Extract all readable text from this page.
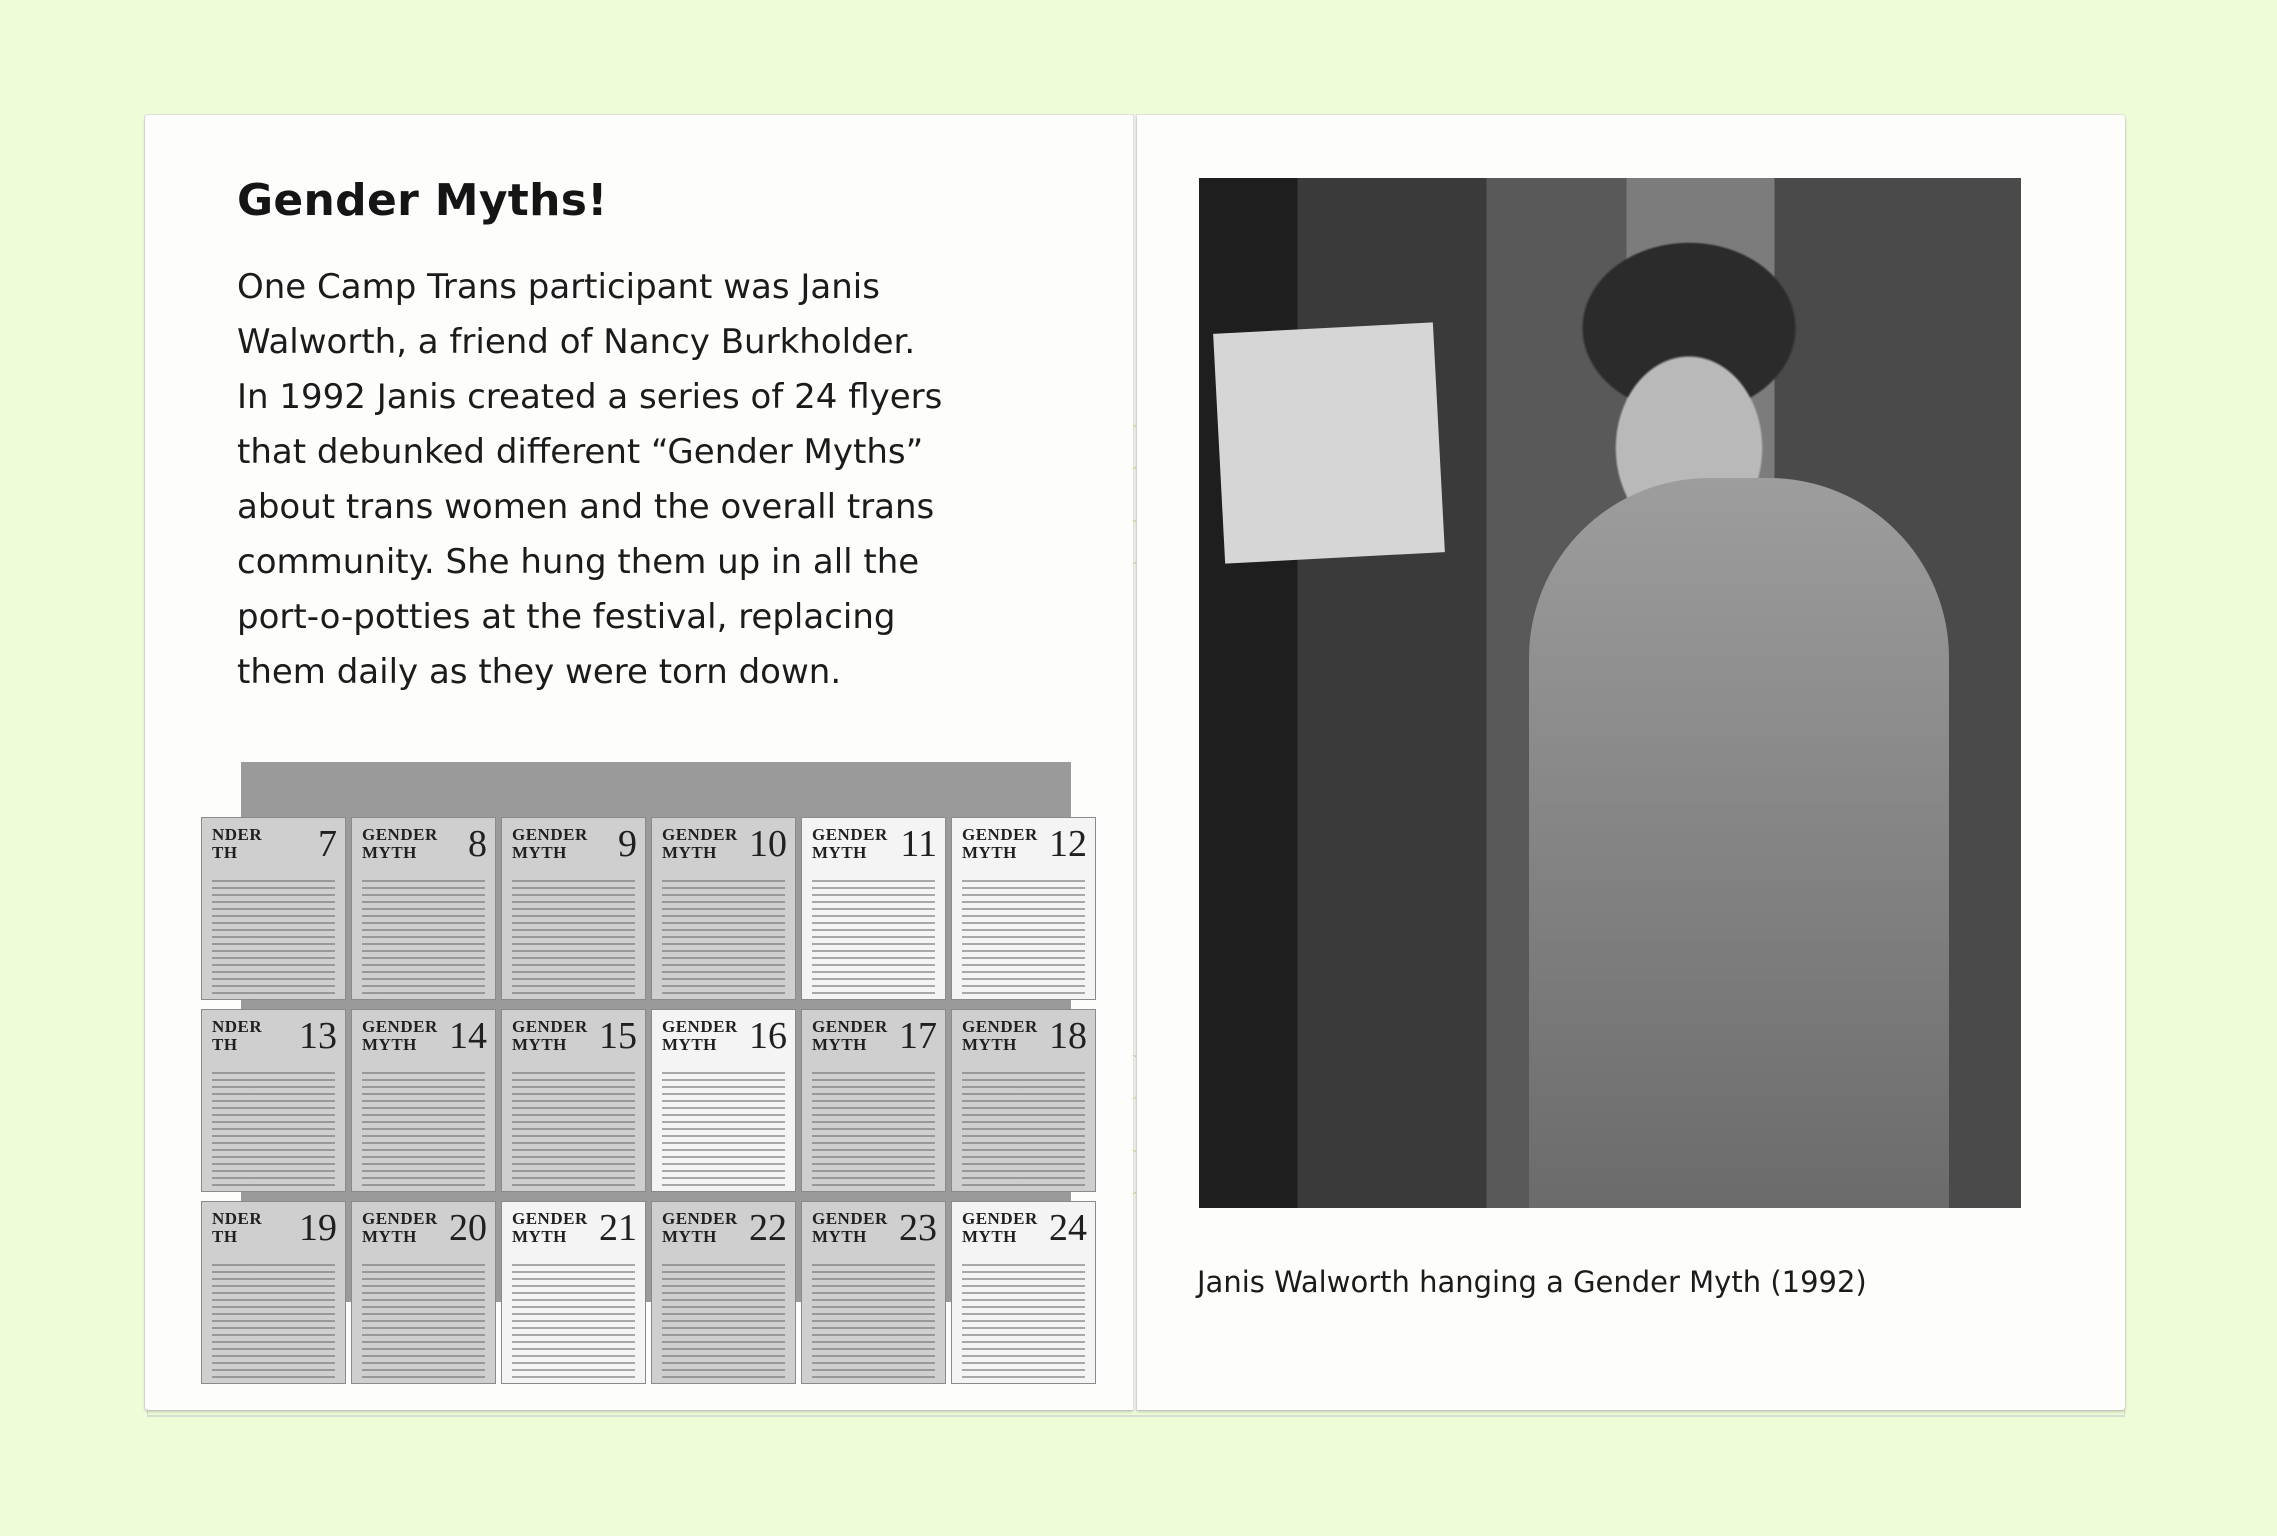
Gender Myths!

One Camp Trans participant was Janis
Walworth, a friend of Nancy Burkholder.
In 1992 Janis created a series of 24 flyers
that debunked different “Gender Myths”
about trans women and the overall trans
community. She hung them up in all the
port-o-potties at the festival, replacing
them daily as they were torn down.

NDER
TH	7 GENDER
MYTH	8 GENDER
MYTH	9 GENDER
MYTH 10 GENDER
MYTH 11 GENDER
MYTH 12
NDER
TH	13 GENDER
MYTH 14 GENDER
MYTH 15 GENDER
MYTH 16 GENDER
MYTH 17 GENDER
MYTH 18
NDER
TH	19 GENDER
MYTH 20 GENDER
MYTH 21 GENDER
MYTH 22 GENDER
MYTH 23 GENDER
MYTH 24

Janis Walworth hanging a Gender Myth (1992)
